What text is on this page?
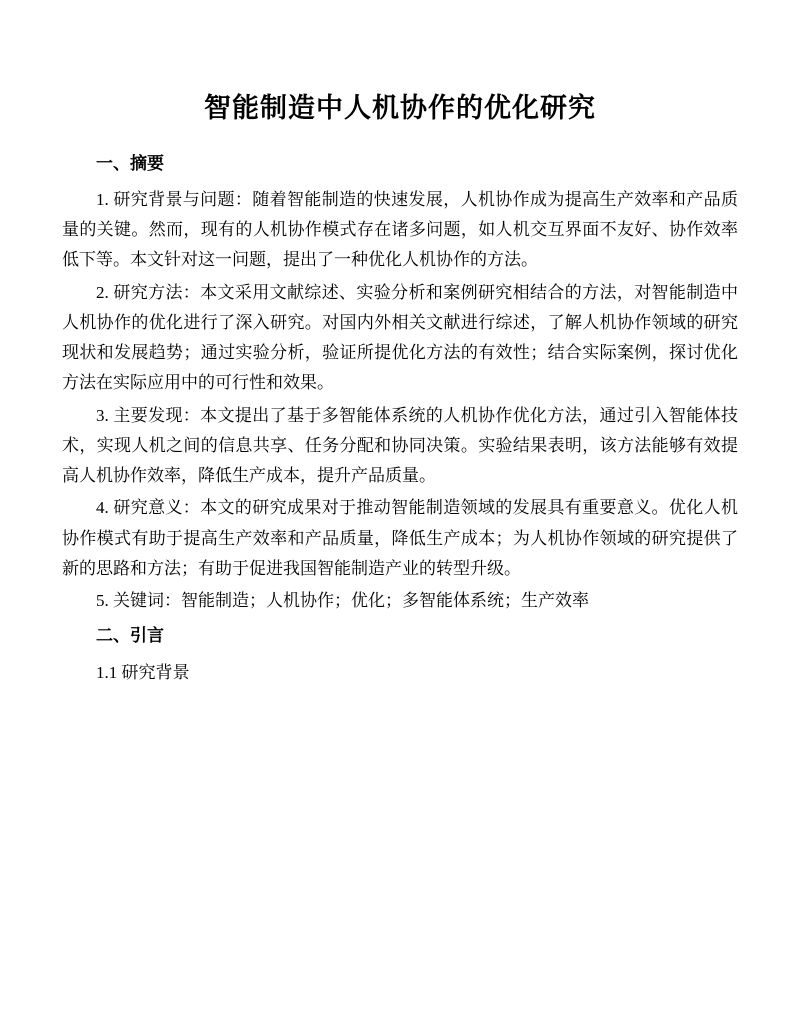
智能制造中人机协作的优化研究
一、摘要

1. 研究背景与问题：随着智能制造的快速发展，人机协作成为提高生产效率和产品质量的关键。然而，现有的人机协作模式存在诸多问题，如人机交互界面不友好、协作效率低下等。本文针对这一问题，提出了一种优化人机协作的方法。

2. 研究方法：本文采用文献综述、实验分析和案例研究相结合的方法，对智能制造中人机协作的优化进行了深入研究。对国内外相关文献进行综述，了解人机协作领域的研究现状和发展趋势；通过实验分析，验证所提优化方法的有效性；结合实际案例，探讨优化方法在实际应用中的可行性和效果。

3. 主要发现：本文提出了基于多智能体系统的人机协作优化方法，通过引入智能体技术，实现人机之间的信息共享、任务分配和协同决策。实验结果表明，该方法能够有效提高人机协作效率，降低生产成本，提升产品质量。

4. 研究意义：本文的研究成果对于推动智能制造领域的发展具有重要意义。优化人机协作模式有助于提高生产效率和产品质量，降低生产成本；为人机协作领域的研究提供了新的思路和方法；有助于促进我国智能制造产业的转型升级。

5. 关键词：智能制造；人机协作；优化；多智能体系统；生产效率

二、引言

1.1 研究背景
